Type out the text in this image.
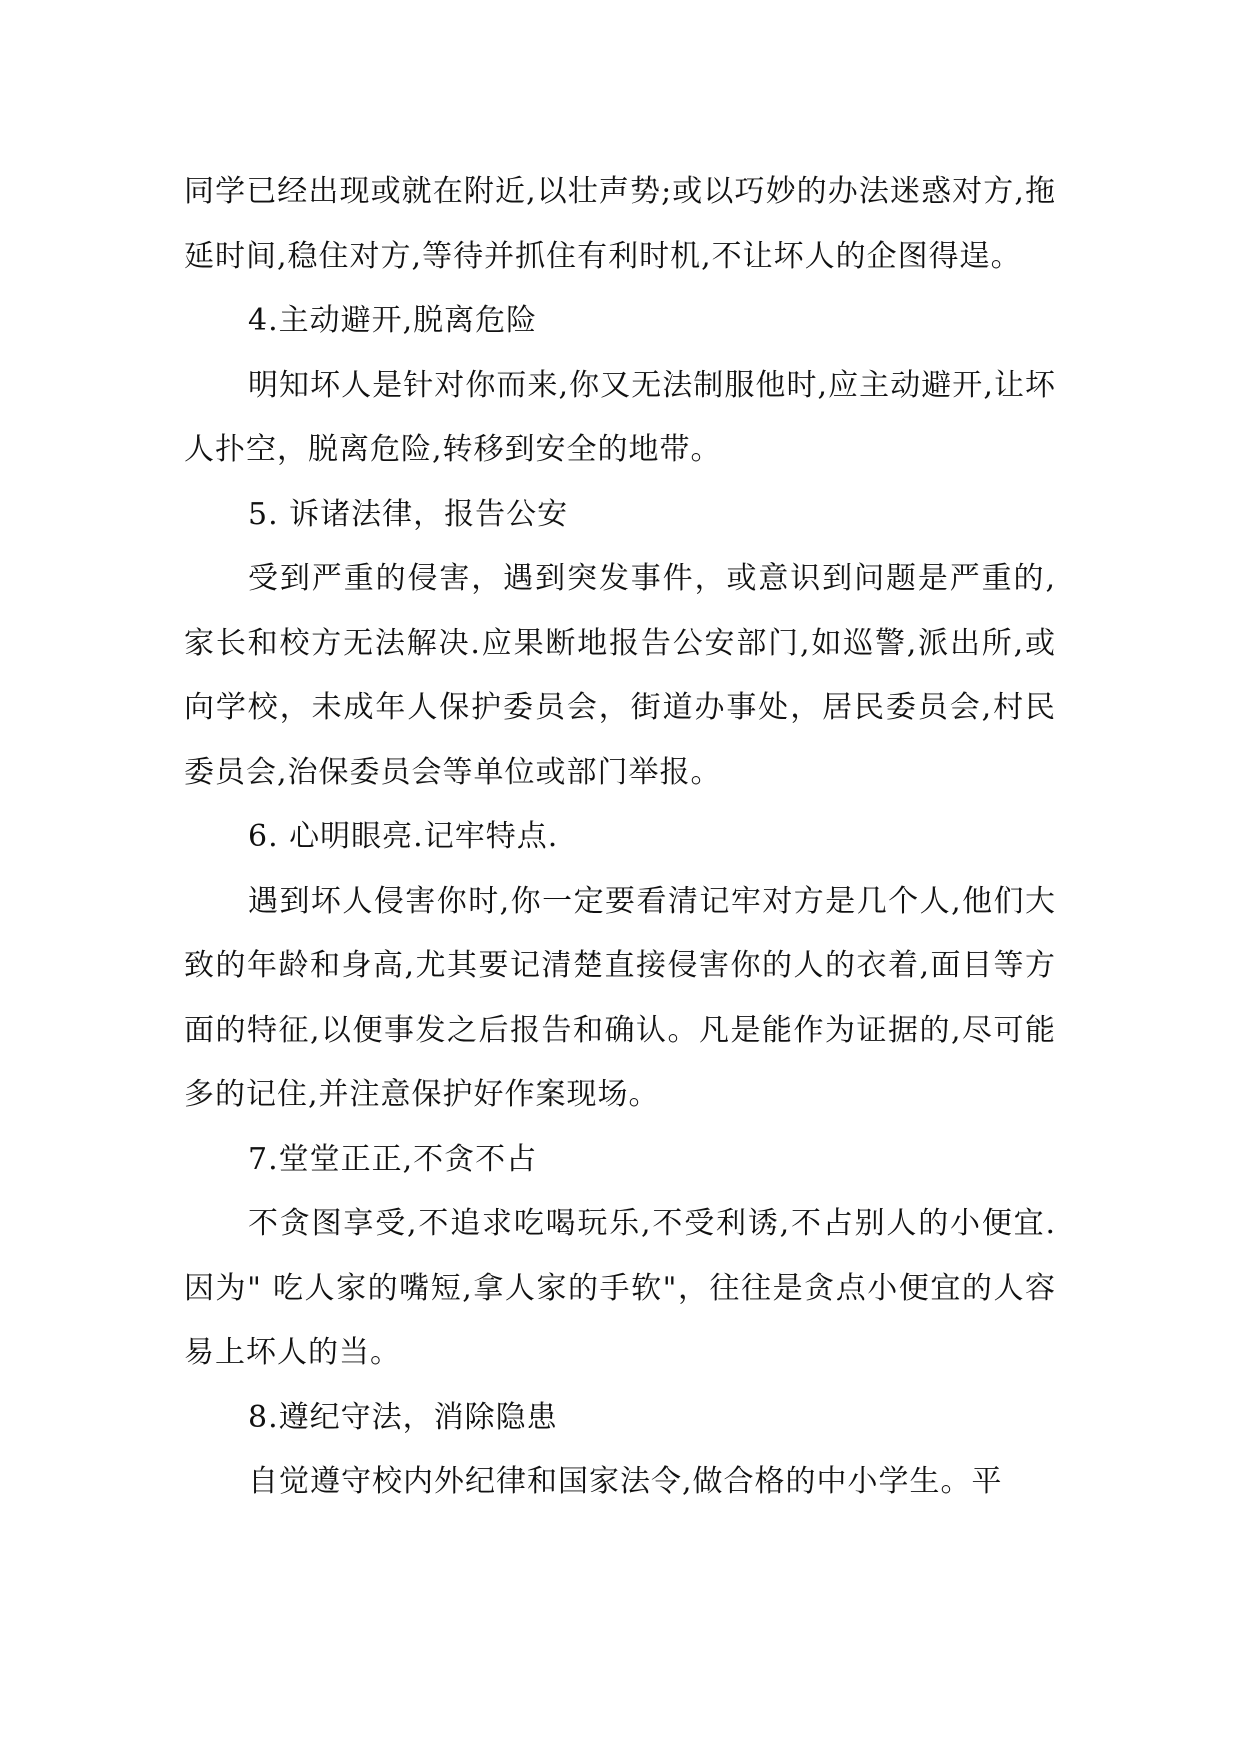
同学已经出现或就在附近,以壮声势;或以巧妙的办法迷惑对方,拖延时间,稳住对方,等待并抓住有利时机,不让坏人的企图得逞。

4.主动避开,脱离危险

明知坏人是针对你而来,你又无法制服他时,应主动避开,让坏人扑空，脱离危险,转移到安全的地带。

5. 诉诸法律，报告公安

受到严重的侵害，遇到突发事件，或意识到问题是严重的,家长和校方无法解决.应果断地报告公安部门,如巡警,派出所,或向学校，未成年人保护委员会，街道办事处，居民委员会,村民委员会,治保委员会等单位或部门举报。

6. 心明眼亮.记牢特点.

遇到坏人侵害你时,你一定要看清记牢对方是几个人,他们大致的年龄和身高,尤其要记清楚直接侵害你的人的衣着,面目等方面的特征,以便事发之后报告和确认。凡是能作为证据的,尽可能多的记住,并注意保护好作案现场。

7.堂堂正正,不贪不占

不贪图享受,不追求吃喝玩乐,不受利诱,不占别人的小便宜. 因为" 吃人家的嘴短,拿人家的手软"，往往是贪点小便宜的人容易上坏人的当。

8.遵纪守法，消除隐患

自觉遵守校内外纪律和国家法令,做合格的中小学生。平
